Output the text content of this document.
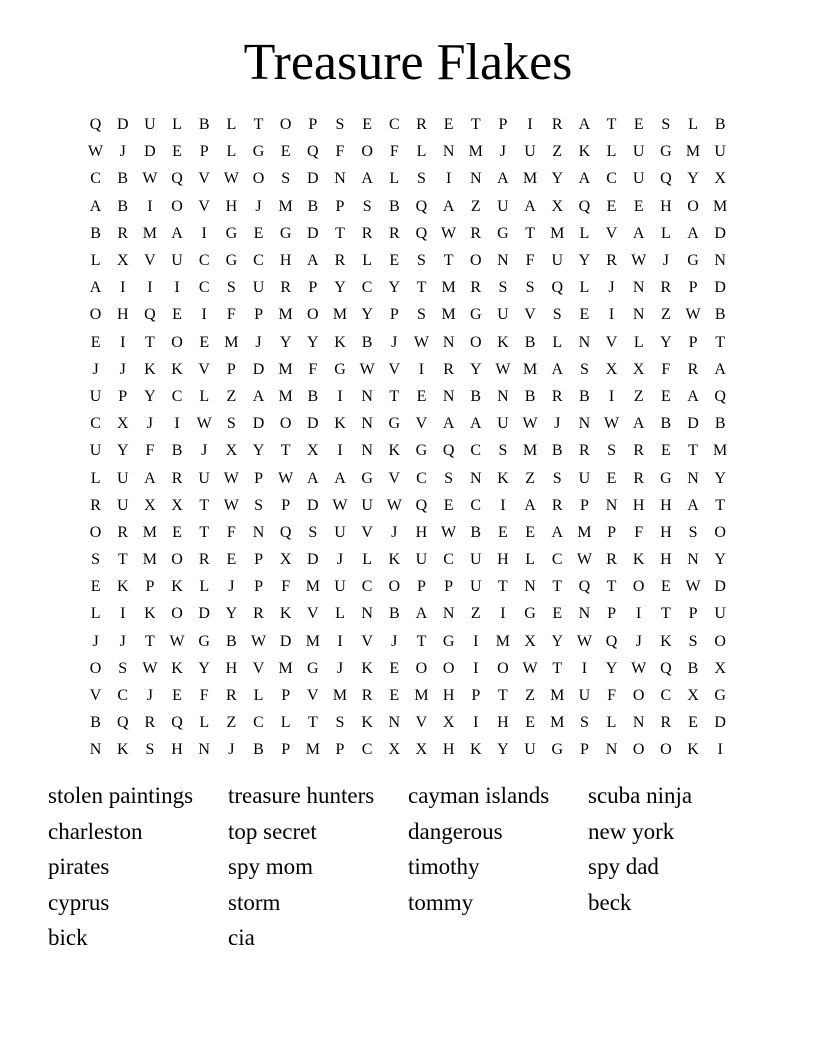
Treasure Flakes
Q D U	L	B	L	T	O	P	S	E	C	R	E	T	P	I	R	A	T	E	S	L	B
W	J	D	E	P	L	G	E	Q	F	O	F	L	N M	J	U	Z	K	L	U G M U
C	B W Q V W O	S	D N A	L	S	I	N A M Y A	C	U Q Y X
A	B	I	O V H	J	M B	P	S	B	Q A	Z	U A X Q	E	E	H O M
B	R M A	I	G	E	G D	T	R	R	Q W R	G	T M L	V A	L	A D
L	X V U	C	G	C	H A	R	L	E	S	T	O N	F	U Y	R W	J	G N
A	I	I	I	C	S	U	R	P	Y	C	Y	T M R	S	S	Q	L	J	N	R	P	D
O H Q	E	I	F	P M O M Y	P	S M G U V	S	E	I	N	Z W B
E	I	T	O	E M	J	Y Y K	B	J	W N O K	B	L	N V	L	Y	P	T
J	J	K K V	P	D M F	G W V	I	R	Y W M A	S	X X	F	R	A
U	P	Y	C	L	Z	A M B	I	N	T	E	N	B	N	B	R	B	I	Z	E	A Q
C	X	J	I	W S	D O D K N G V A A U W	J	N W A	B	D	B
U Y	F	B	J	X Y	T	X	I	N K G Q	C	S M B	R	S	R	E	T M
L	U A	R	U W P W A A G V	C	S	N K	Z	S	U	E	R	G N Y
R	U X X	T W S	P	D W U W Q	E	C	I	A	R	P	N H H A	T
O	R M E	T	F	N Q	S	U V	J	H W B	E	E	A M P	F	H	S	O
S	T M O	R	E	P	X D	J	L	K U	C	U H	L	C W R	K H N Y
E	K	P	K	L	J	P	F M U	C	O	P	P	U	T	N	T	Q	T	O	E W D
L	I	K O D Y	R	K V	L	N	B	A N	Z	I	G	E	N	P	I	T	P	U
J	J	T W G	B W D M	I	V	J	T	G	I	M X Y W Q	J	K	S	O
O	S W K Y H V M G	J	K	E	O O	I	O W T	I	Y W Q	B	X
V	C	J	E	F	R	L	P	V M R	E M H	P	T	Z M U	F	O	C	X G
B	Q	R	Q	L	Z	C	L	T	S	K N V X	I	H	E M S	L	N	R	E	D
N K	S	H N	J	B	P M P	C	X X H K Y U G	P	N O O K	I
stolen paintings	treasure hunters	cayman islands	scuba ninja
charleston	top secret	dangerous	new york
pirates	spy mom	timothy	spy dad
cyprus	storm	tommy	beck
bick	cia
